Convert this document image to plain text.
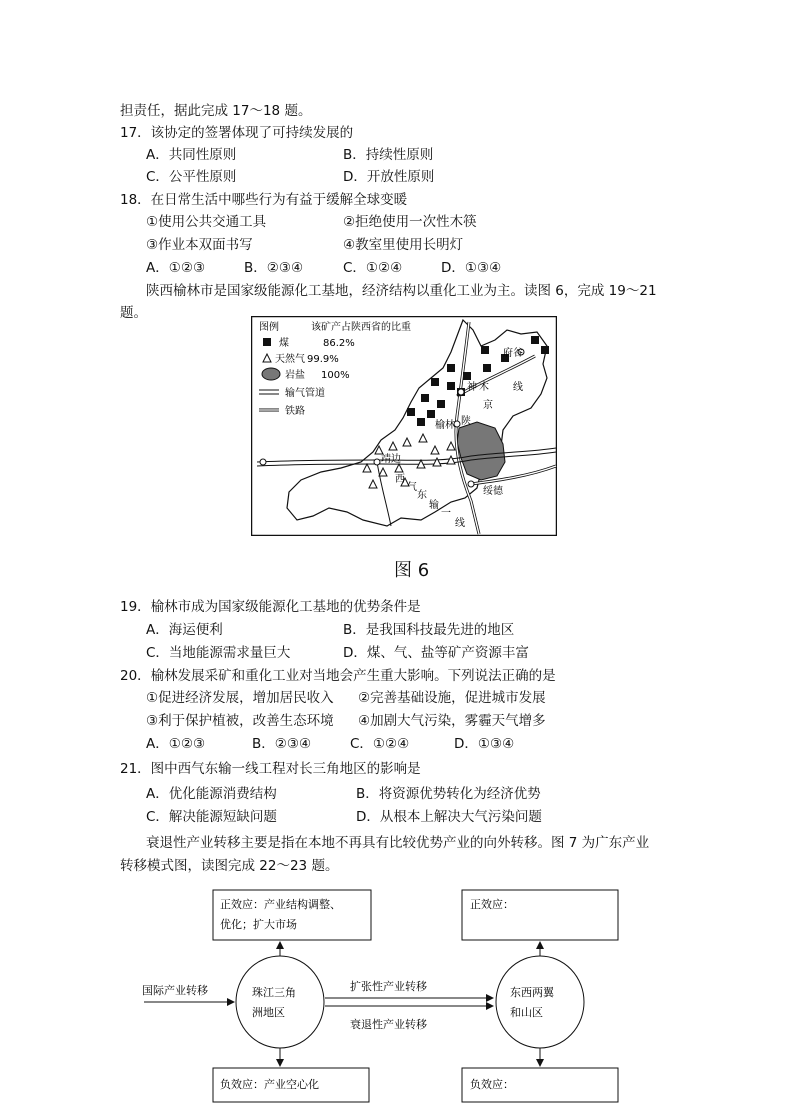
担责任，据此完成 17～18 题。
17．该协定的签署体现了可持续发展的
A．共同性原则	B．持续性原则
C．公平性原则	D．开放性原则
18．在日常生活中哪些行为有益于缓解全球变暖
①使用公共交通工具	②拒绝使用一次性木筷
③作业本双面书写	④教室里使用长明灯
A．①②③	B．②③④	C．①②④	D．①③④
陕西榆林市是国家级能源化工基地，经济结构以重化工业为主。读图 6，完成 19～21
题。
图例	该矿产占陕西省的比重
煤	86.2%
天然气 99.9%
岩盐 100%
输气管道
铁路
府谷
榆林
靖边
绥德
神 木 线
京
陕
西
气
东
输
一
线
图 6
19．榆林市成为国家级能源化工基地的优势条件是
A．海运便利	B．是我国科技最先进的地区
C．当地能源需求量巨大	D．煤、气、盐等矿产资源丰富
20．榆林发展采矿和重化工业对当地会产生重大影响。下列说法正确的是
①促进经济发展，增加居民收入 ②完善基础设施，促进城市发展
③利于保护植被，改善生态环境 ④加剧大气污染，雾霾天气增多
A．①②③	B．②③④	C．①②④	D．①③④
21．图中西气东输一线工程对长三角地区的影响是
A．优化能源消费结构	B．将资源优势转化为经济优势
C．解决能源短缺问题	D．从根本上解决大气污染问题
衰退性产业转移主要是指在本地不再具有比较优势产业的向外转移。图 7 为广东产业
转移模式图，读图完成 22～23 题。
正效应：产业结构调整、
优化；扩大市场
正效应：
负效应：产业空心化	负效应：
珠江三角
洲地区
东西两翼
和山区
国际产业转移	扩张性产业转移
衰退性产业转移
